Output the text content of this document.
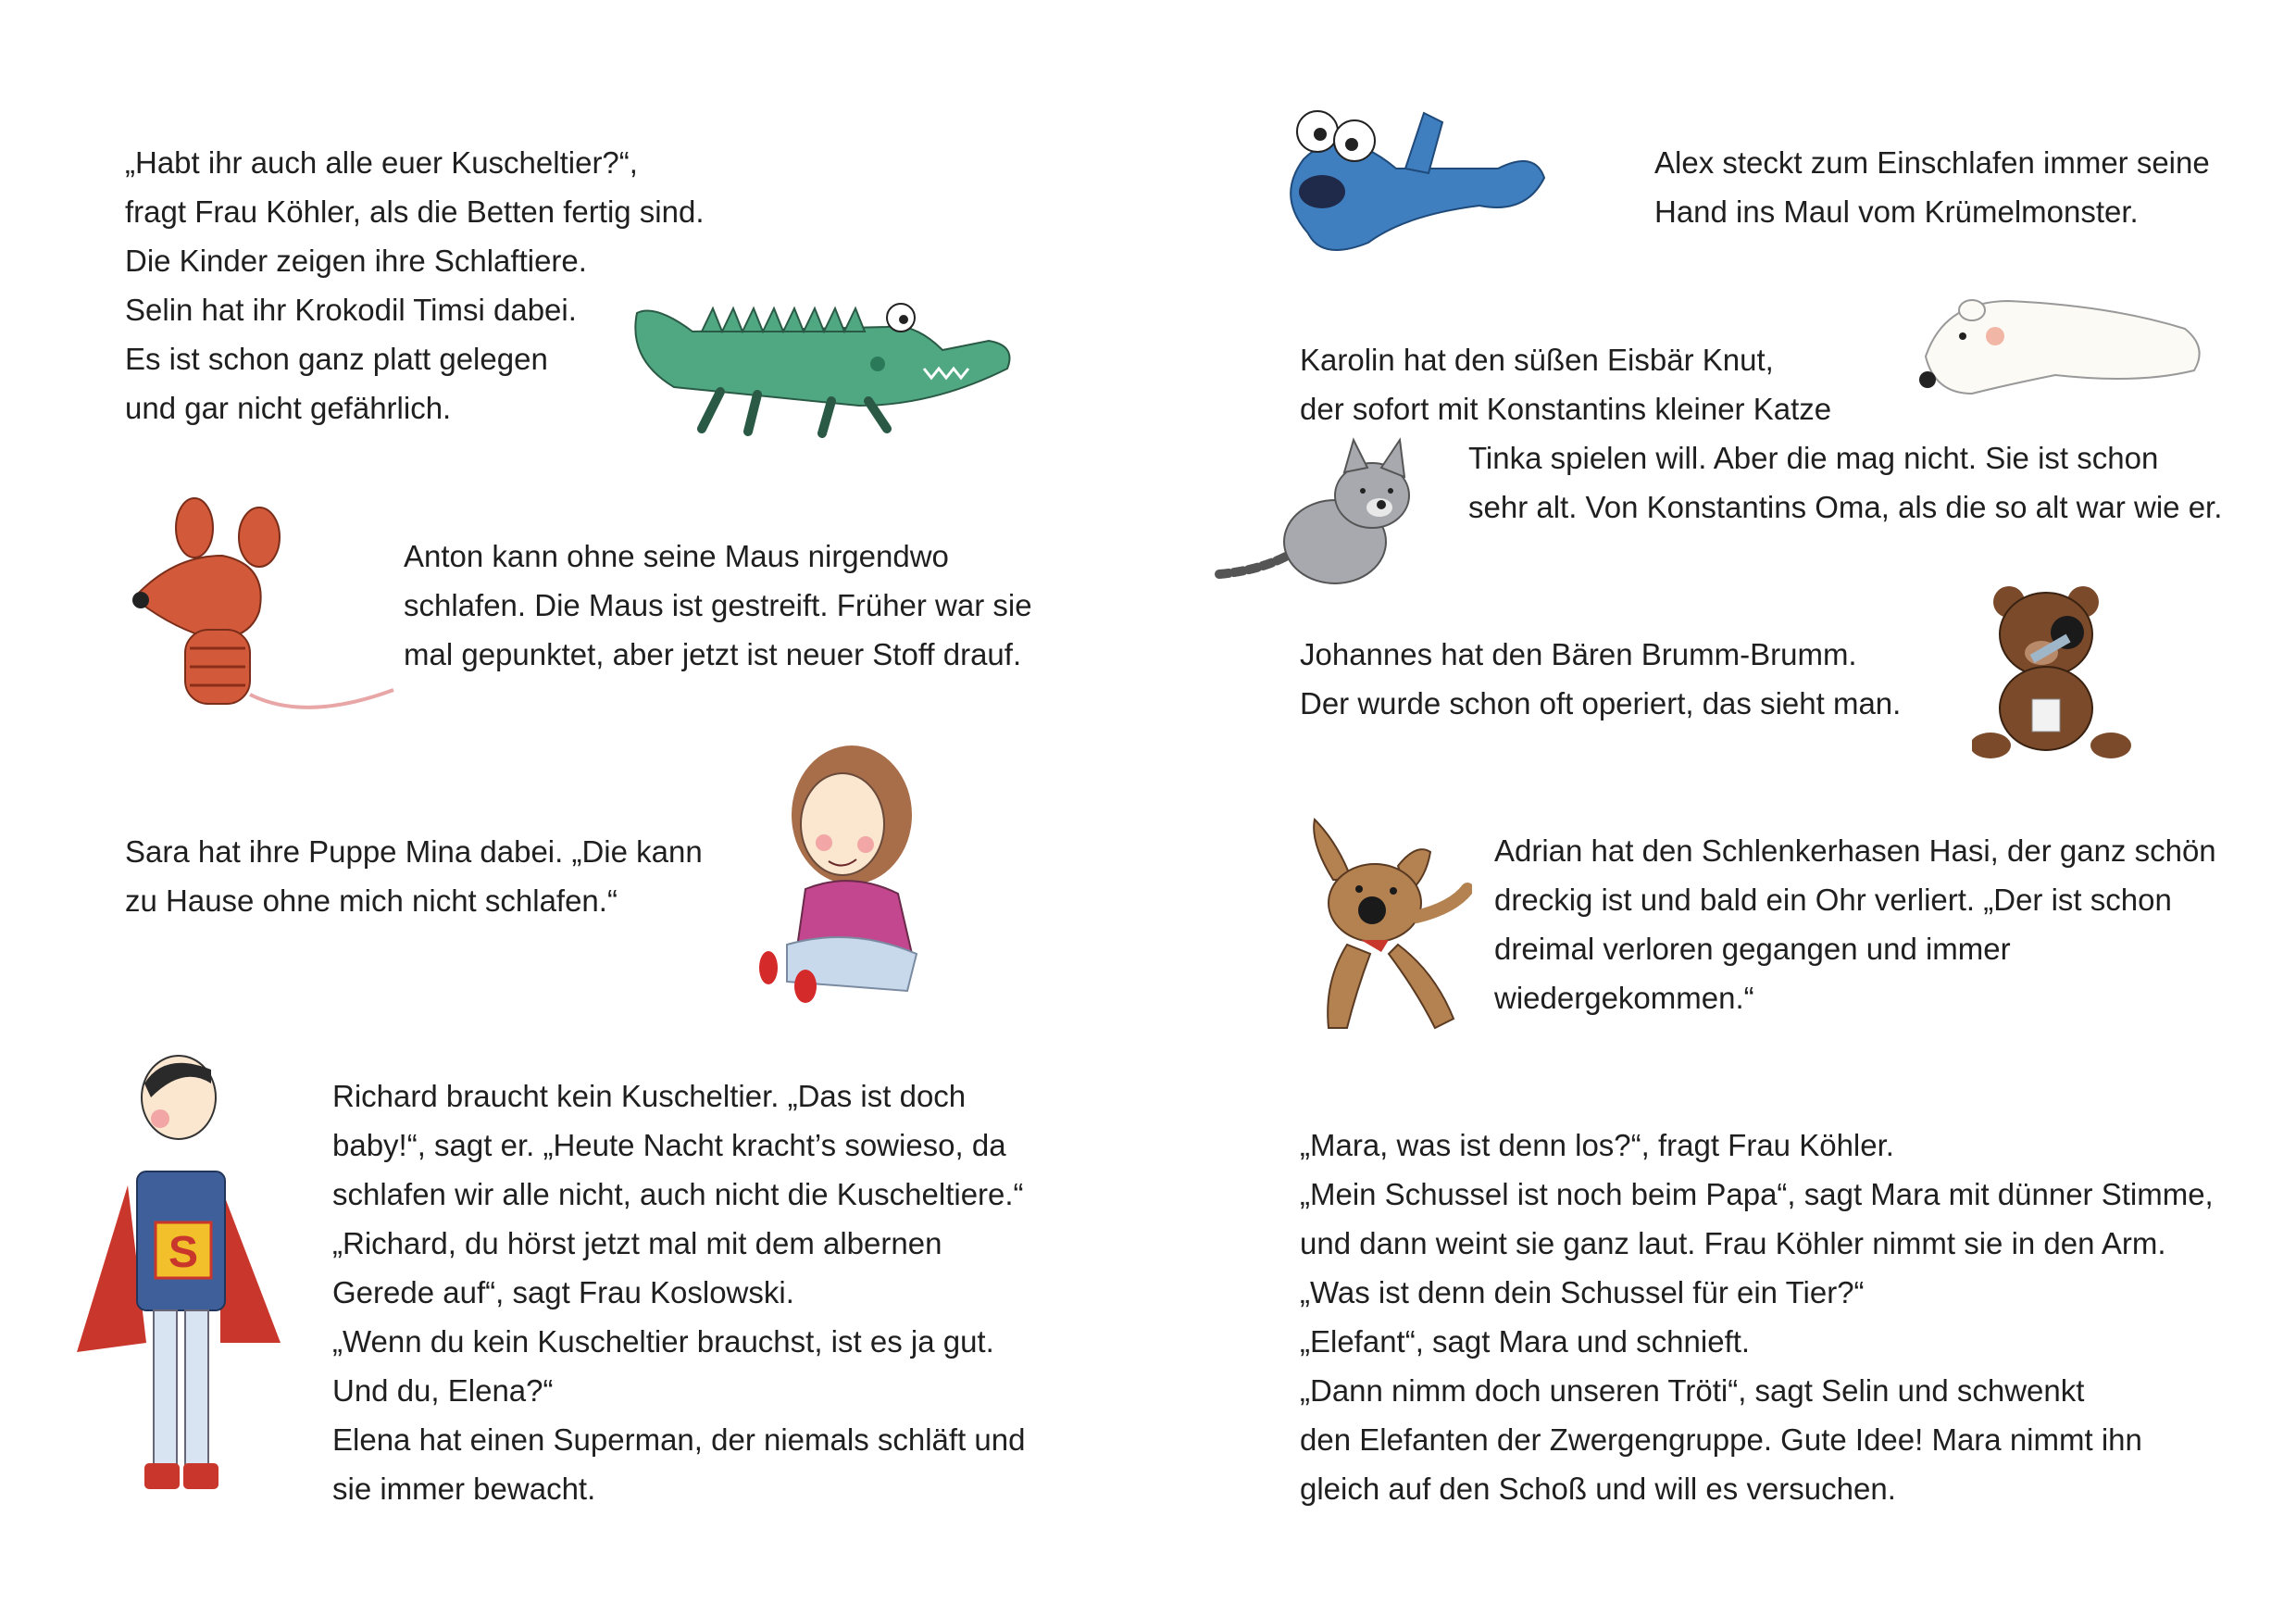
„Habt ihr auch alle euer Kuscheltier?“,
fragt Frau Köhler, als die Betten fertig sind.
Die Kinder zeigen ihre Schlaftiere.
Selin hat ihr Krokodil Timsi dabei.
Es ist schon ganz platt gelegen
und gar nicht gefährlich.
Anton kann ohne seine Maus nirgendwo
schlafen. Die Maus ist gestreift. Früher war sie
mal gepunktet, aber jetzt ist neuer Stoff drauf.
Sara hat ihre Puppe Mina dabei. „Die kann
zu Hause ohne mich nicht schlafen.“
Richard braucht kein Kuscheltier. „Das ist doch
baby!“, sagt er. „Heute Nacht kracht’s sowieso, da
schlafen wir alle nicht, auch nicht die Kuscheltiere.“
„Richard, du hörst jetzt mal mit dem albernen
Gerede auf“, sagt Frau Koslowski.
„Wenn du kein Kuscheltier brauchst, ist es ja gut.
Und du, Elena?“
Elena hat einen Superman, der niemals schläft und
sie immer bewacht.
Alex steckt zum Einschlafen immer seine
Hand ins Maul vom Krümelmonster.
Karolin hat den süßen Eisbär Knut,
der sofort mit Konstantins kleiner Katze
Tinka spielen will. Aber die mag nicht. Sie ist schon
sehr alt. Von Konstantins Oma, als die so alt war wie er.
Johannes hat den Bären Brumm-Brumm.
Der wurde schon oft operiert, das sieht man.
Adrian hat den Schlenkerhasen Hasi, der ganz schön
dreckig ist und bald ein Ohr verliert. „Der ist schon
dreimal verloren gegangen und immer
wiedergekommen.“
„Mara, was ist denn los?“, fragt Frau Köhler.
„Mein Schussel ist noch beim Papa“, sagt Mara mit dünner Stimme,
und dann weint sie ganz laut. Frau Köhler nimmt sie in den Arm.
„Was ist denn dein Schussel für ein Tier?“
„Elefant“, sagt Mara und schnieft.
„Dann nimm doch unseren Tröti“, sagt Selin und schwenkt
den Elefanten der Zwergengruppe. Gute Idee! Mara nimmt ihn
gleich auf den Schoß und will es versuchen.
S
